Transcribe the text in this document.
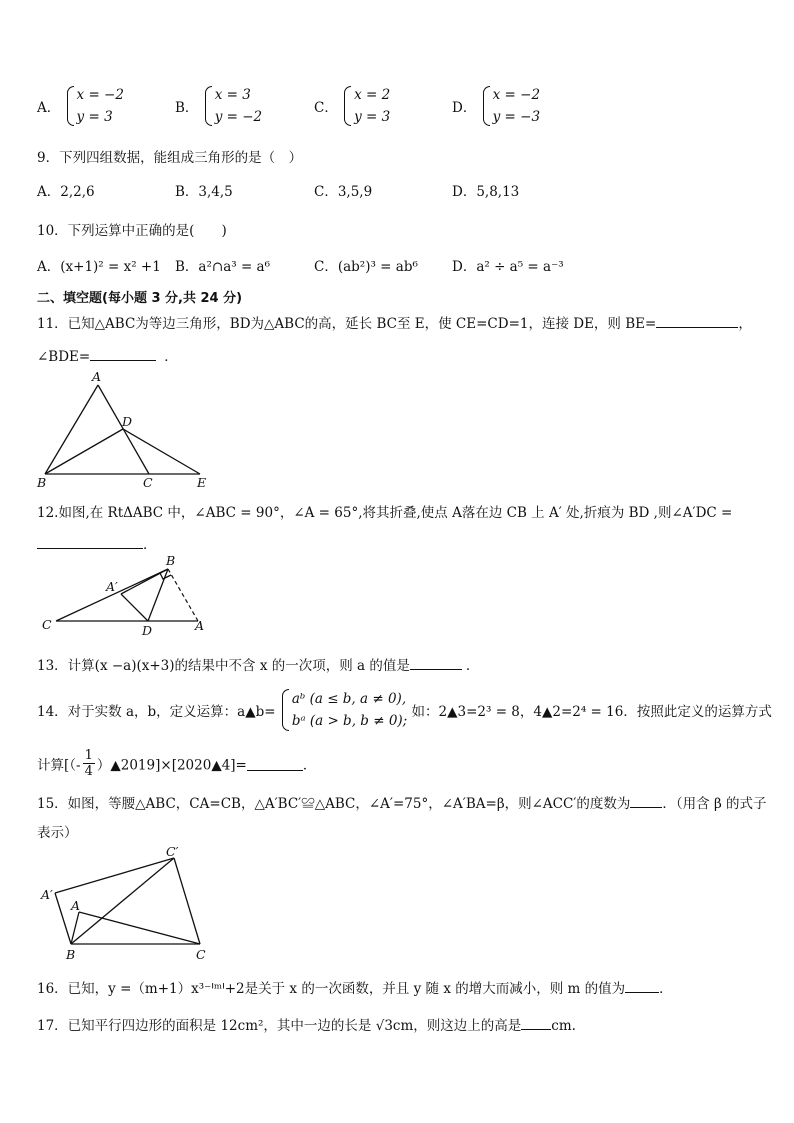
A．
x = −2
y = 3
B．
x = 3
y = −2
C．
x = 2
y = 3
D．
x = −2
y = −3
9．下列四组数据，能组成三角形的是（　）
A．2,2,6	B．3,4,5	C．3,5,9	D．5,8,13
10．下列运算中正确的是(　　)
A．(x+1)² = x² +1 B．a²∩a³ = a⁶	C．(ab²)³ = ab⁶	D．a² ÷ a⁵ = a⁻³
二、填空题(每小题 3 分,共 24 分)
11．已知△ABC为等边三角形，BD为△ABC的高，延长 BC至 E，使 CE=CD=1，连接 DE，则 BE=	，
∠BDE=	．
A
D
B	C	E
12.如图,在 RtΔABC 中，∠ABC = 90°，∠A = 65°,将其折叠,使点 A落在边 CB 上 A′ 处,折痕为 BD ,则∠A′DC =
．
B
A′
C	D	A
13．计算(x −a)(x+3)的结果中不含 x 的一次项，则 a 的值是	．
14．对于实数 a，b，定义运算：a▲b=
aᵇ (a ≤ b, a ≠ 0),
bᵃ (a > b, b ≠ 0);
如：2▲3=2³ = 8，4▲2=2⁴ = 16．按照此定义的运算方式
计算[（- $\frac{1}{4}$ ）▲2019]×[2020▲4]=	．
15．如图，等腰△ABC，CA=CB，△A′BC′≌△ABC，∠A′=75°，∠A′BA=β，则∠ACC′的度数为 ．（用含 β 的式子
表示）
C′
A′
A
B	C
16．已知，y =（m+1）x³⁻ᑊᵐᑊ+2是关于 x 的一次函数，并且 y 随 x 的增大而减小，则 m 的值为	．
17．已知平行四边形的面积是 12cm²，其中一边的长是 √3cm，则这边上的高是 cm.
